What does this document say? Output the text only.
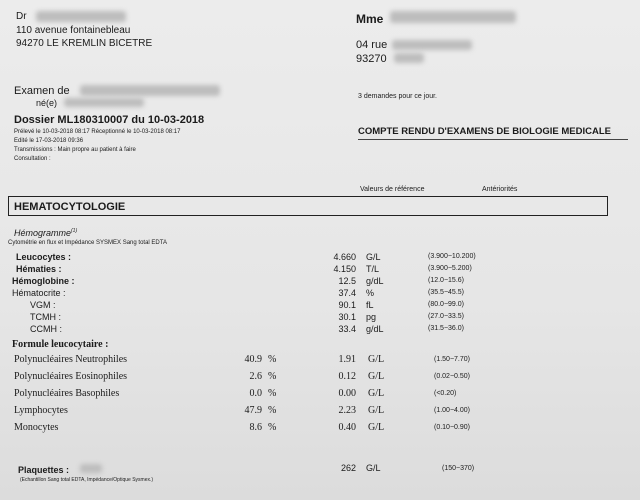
Dr
110 avenue fontainebleau
94270 LE KREMLIN BICETRE
Mme
04 rue
93270
Examen de
né(e)
3 demandes pour ce jour.
Dossier ML180310007 du 10-03-2018
Prélevé le 10-03-2018 08:17 Réceptionné le 10-03-2018 08:17
Edité le 17-03-2018 09:36
Transmissions : Main propre au patient à faire
Consultation :
COMPTE RENDU D'EXAMENS DE BIOLOGIE MEDICALE
Valeurs de référence	Antériorités
HEMATOCYTOLOGIE
Hémogramme$^{(1)}$
Cytométrie en flux et Impédance SYSMEX Sang total EDTA
Leucocytes :	4.660 G/L	(3.900−10.200)
Hématies :	4.150 T/L	(3.900−5.200)
Hémoglobine :	12.5 g/dL	(12.0−15.6)
Hématocrite :	37.4 %	(35.5−45.5)
VGM :	90.1 fL	(80.0−99.0)
TCMH :	30.1 pg	(27.0−33.5)
CCMH :	33.4 g/dL	(31.5−36.0)
Formule leucocytaire :
Polynucléaires Neutrophiles	40.9 %	1.91 G/L	(1.50−7.70)
Polynucléaires Eosinophiles	2.6 %	0.12 G/L	(0.02−0.50)
Polynucléaires Basophiles	0.0 %	0.00 G/L	(<0.20)
Lymphocytes	47.9 %	2.23 G/L	(1.00−4.00)
Monocytes	8.6 %	0.40 G/L	(0.10−0.90)
Plaquettes :	262 G/L	(150−370)
(Echantillon Sang total EDTA, Impédance/Optique Sysmex.)
